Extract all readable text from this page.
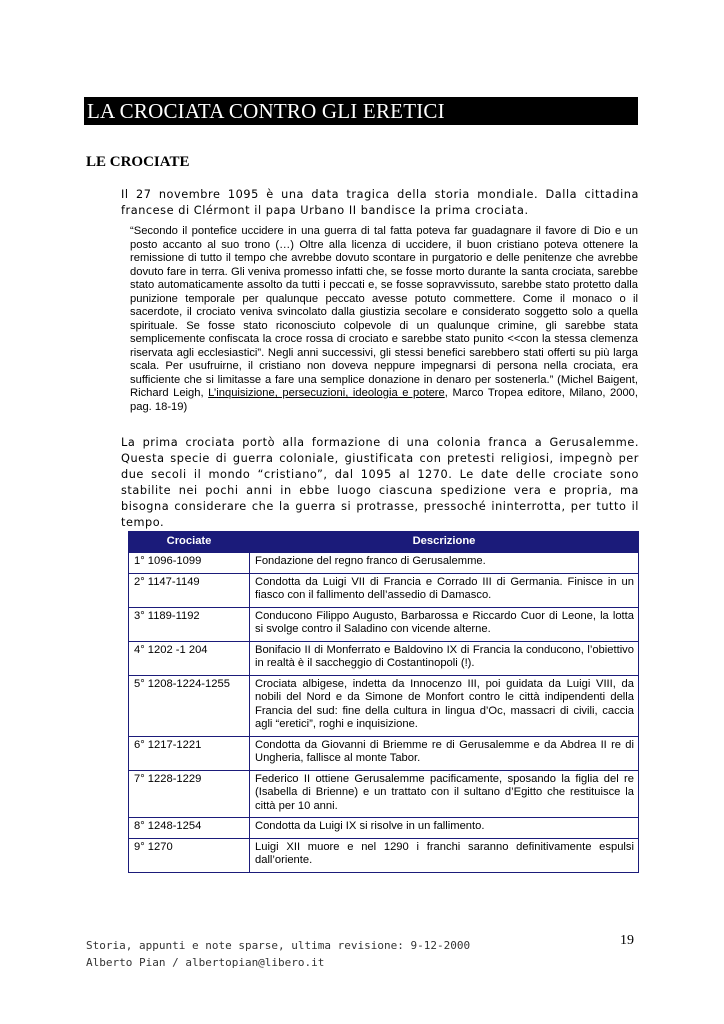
LA CROCIATA CONTRO GLI ERETICI
LE CROCIATE
Il 27 novembre 1095 è una data tragica della storia mondiale. Dalla cittadina francese di Clérmont il papa Urbano II bandisce la prima crociata.
“Secondo il pontefice uccidere in una guerra di tal fatta poteva far guadagnare il favore di Dio e un posto accanto al suo trono (…) Oltre alla licenza di uccidere, il buon cristiano poteva ottenere la remissione di tutto il tempo che avrebbe dovuto scontare in purgatorio e delle penitenze che avrebbe dovuto fare in terra. Gli veniva promesso infatti che, se fosse morto durante la santa crociata, sarebbe stato automaticamente assolto da tutti i peccati e, se fosse sopravvissuto, sarebbe stato protetto dalla punizione temporale per qualunque peccato avesse potuto commettere. Come il monaco o il sacerdote, il crociato veniva svincolato dalla giustizia secolare e considerato soggetto solo a quella spirituale. Se fosse stato riconosciuto colpevole di un qualunque crimine, gli sarebbe stata semplicemente confiscata la croce rossa di crociato e sarebbe stato punito <<con la stessa clemenza riservata agli ecclesiastici”. Negli anni successivi, gli stessi benefici sarebbero stati offerti su più larga scala. Per usufruirne, il cristiano non doveva neppure impegnarsi di persona nella crociata, era sufficiente che si limitasse a fare una semplice donazione in denaro per sostenerla.” (Michel Baigent, Richard Leigh, L’inquisizione, persecuzioni, ideologia e potere, Marco Tropea editore, Milano, 2000, pag. 18-19)
La prima crociata portò alla formazione di una colonia franca a Gerusalemme. Questa specie di guerra coloniale, giustificata con pretesti religiosi, impegnò per due secoli il mondo “cristiano”, dal 1095 al 1270. Le date delle crociate sono stabilite nei pochi anni in ebbe luogo ciascuna spedizione vera e propria, ma bisogna considerare che la guerra si protrasse, pressoché ininterrotta, per tutto il tempo.
Crociate	Descrizione
1° 1096-1099	Fondazione del regno franco di Gerusalemme.
2° 1147-1149	Condotta da Luigi VII di Francia e Corrado III di Germania. Finisce in un fiasco con il fallimento dell’assedio di Damasco.
3° 1189-1192	Conducono Filippo Augusto, Barbarossa e Riccardo Cuor di Leone, la lotta si svolge contro il Saladino con vicende alterne.
4° 1202 -1 204	Bonifacio II di Monferrato e Baldovino IX di Francia la conducono, l’obiettivo in realtà è il saccheggio di Costantinopoli (!).
5° 1208-1224-1255	Crociata albigese, indetta da Innocenzo III, poi guidata da Luigi VIII, da nobili del Nord e da Simone de Monfort contro le città indipendenti della Francia del sud: fine della cultura in lingua d’Oc, massacri di civili, caccia agli “eretici”, roghi e inquisizione.
6° 1217-1221	Condotta da Giovanni di Briemme re di Gerusalemme e da Abdrea II re di Ungheria, fallisce al monte Tabor.
7° 1228-1229	Federico II ottiene Gerusalemme pacificamente, sposando la figlia del re (Isabella di Brienne) e un trattato con il sultano d’Egitto che restituisce la città per 10 anni.
8° 1248-1254	Condotta da Luigi IX si risolve in un fallimento.
9° 1270	Luigi XII muore e nel 1290 i franchi saranno definitivamente espulsi dall’oriente.
Storia, appunti e note sparse, ultima revisione: 9-12-2000
Alberto Pian / albertopian@libero.it
19
